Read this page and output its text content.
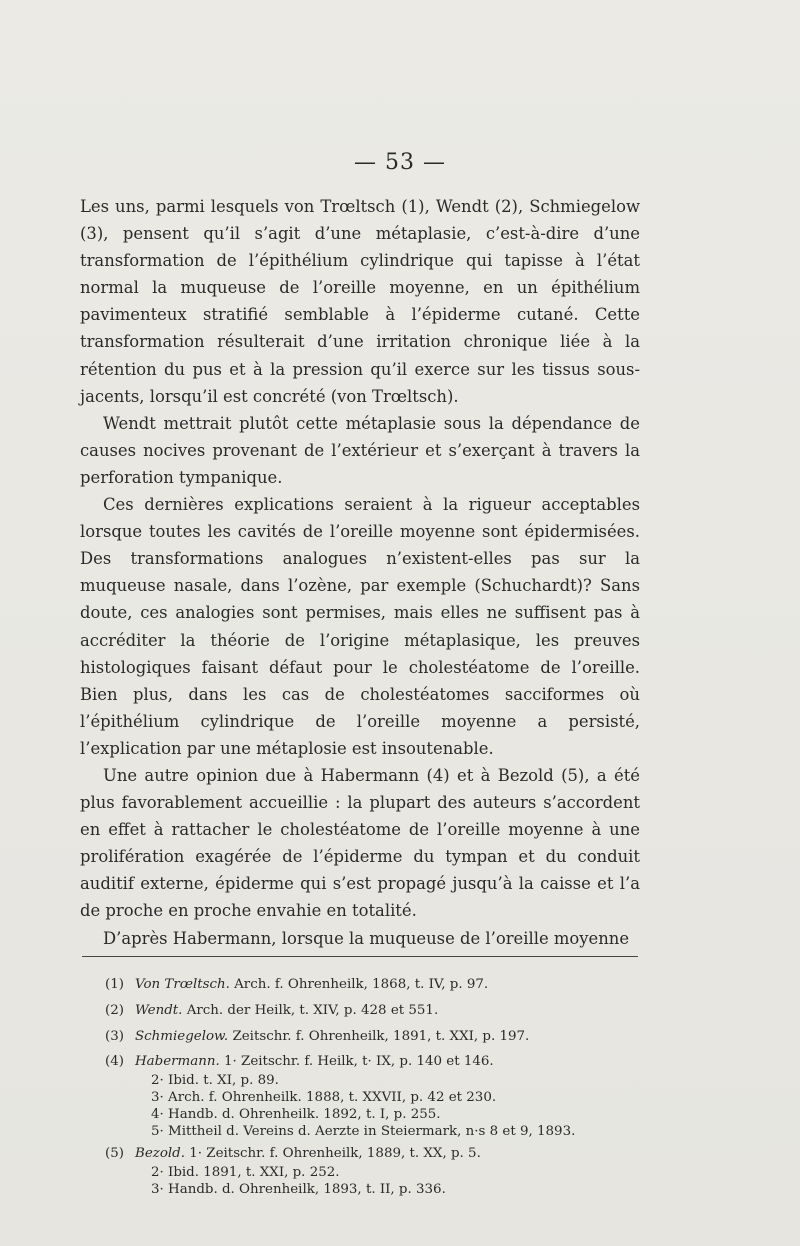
— 53 —

Les uns, parmi lesquels von Trœltsch (1), Wendt (2), Schmiegelow (3), pensent qu’il s’agit d’une métaplasie, c’est-à-dire d’une transformation de l’épithélium cylindrique qui tapisse à l’état normal la muqueuse de l’oreille moyenne, en un épithélium pavimenteux stratifié semblable à l’épiderme cutané. Cette transformation résulterait d’une irritation chronique liée à la rétention du pus et à la pression qu’il exerce sur les tissus sous-jacents, lorsqu’il est concrété (von Trœltsch).

Wendt mettrait plutôt cette métaplasie sous la dépendance de causes nocives provenant de l’extérieur et s’exerçant à travers la perforation tympanique.

Ces dernières explications seraient à la rigueur acceptables lorsque toutes les cavités de l’oreille moyenne sont épidermisées. Des transformations analogues n’existent-elles pas sur la muqueuse nasale, dans l’ozène, par exemple (Schuchardt)? Sans doute, ces analogies sont permises, mais elles ne suffisent pas à accréditer la théorie de l’origine métaplasique, les preuves histologiques faisant défaut pour le cholestéatome de l’oreille. Bien plus, dans les cas de cholestéatomes sacciformes où l’épithélium cylindrique de l’oreille moyenne a persisté, l’explication par une métaplosie est insoutenable.

Une autre opinion due à Habermann (4) et à Bezold (5), a été plus favorablement accueillie : la plupart des auteurs s’accordent en effet à rattacher le cholestéatome de l’oreille moyenne à une prolifération exagérée de l’épiderme du tympan et du conduit auditif externe, épiderme qui s’est propagé jusqu’à la caisse et l’a de proche en proche envahie en totalité.

D’après Habermann, lorsque la muqueuse de l’oreille moyenne

(1) Von Trœltsch. Arch. f. Ohrenheilk, 1868, t. IV, p. 97.
(2) Wendt. Arch. der Heilk, t. XIV, p. 428 et 551.
(3) Schmiegelow. Zeitschr. f. Ohrenheilk, 1891, t. XXI, p. 197.
(4) Habermann. 1· Zeitschr. f. Heilk, t· IX, p. 140 et 146.
2· Ibid. t. XI, p. 89.
3· Arch. f. Ohrenheilk. 1888, t. XXVII, p. 42 et 230.
4· Handb. d. Ohrenheilk. 1892, t. I, p. 255.
5· Mittheil d. Vereins d. Aerzte in Steiermark, n·s 8 et 9, 1893.
(5) Bezold. 1· Zeitschr. f. Ohrenheilk, 1889, t. XX, p. 5.
2· Ibid. 1891, t. XXI, p. 252.
3· Handb. d. Ohrenheilk, 1893, t. II, p. 336.
